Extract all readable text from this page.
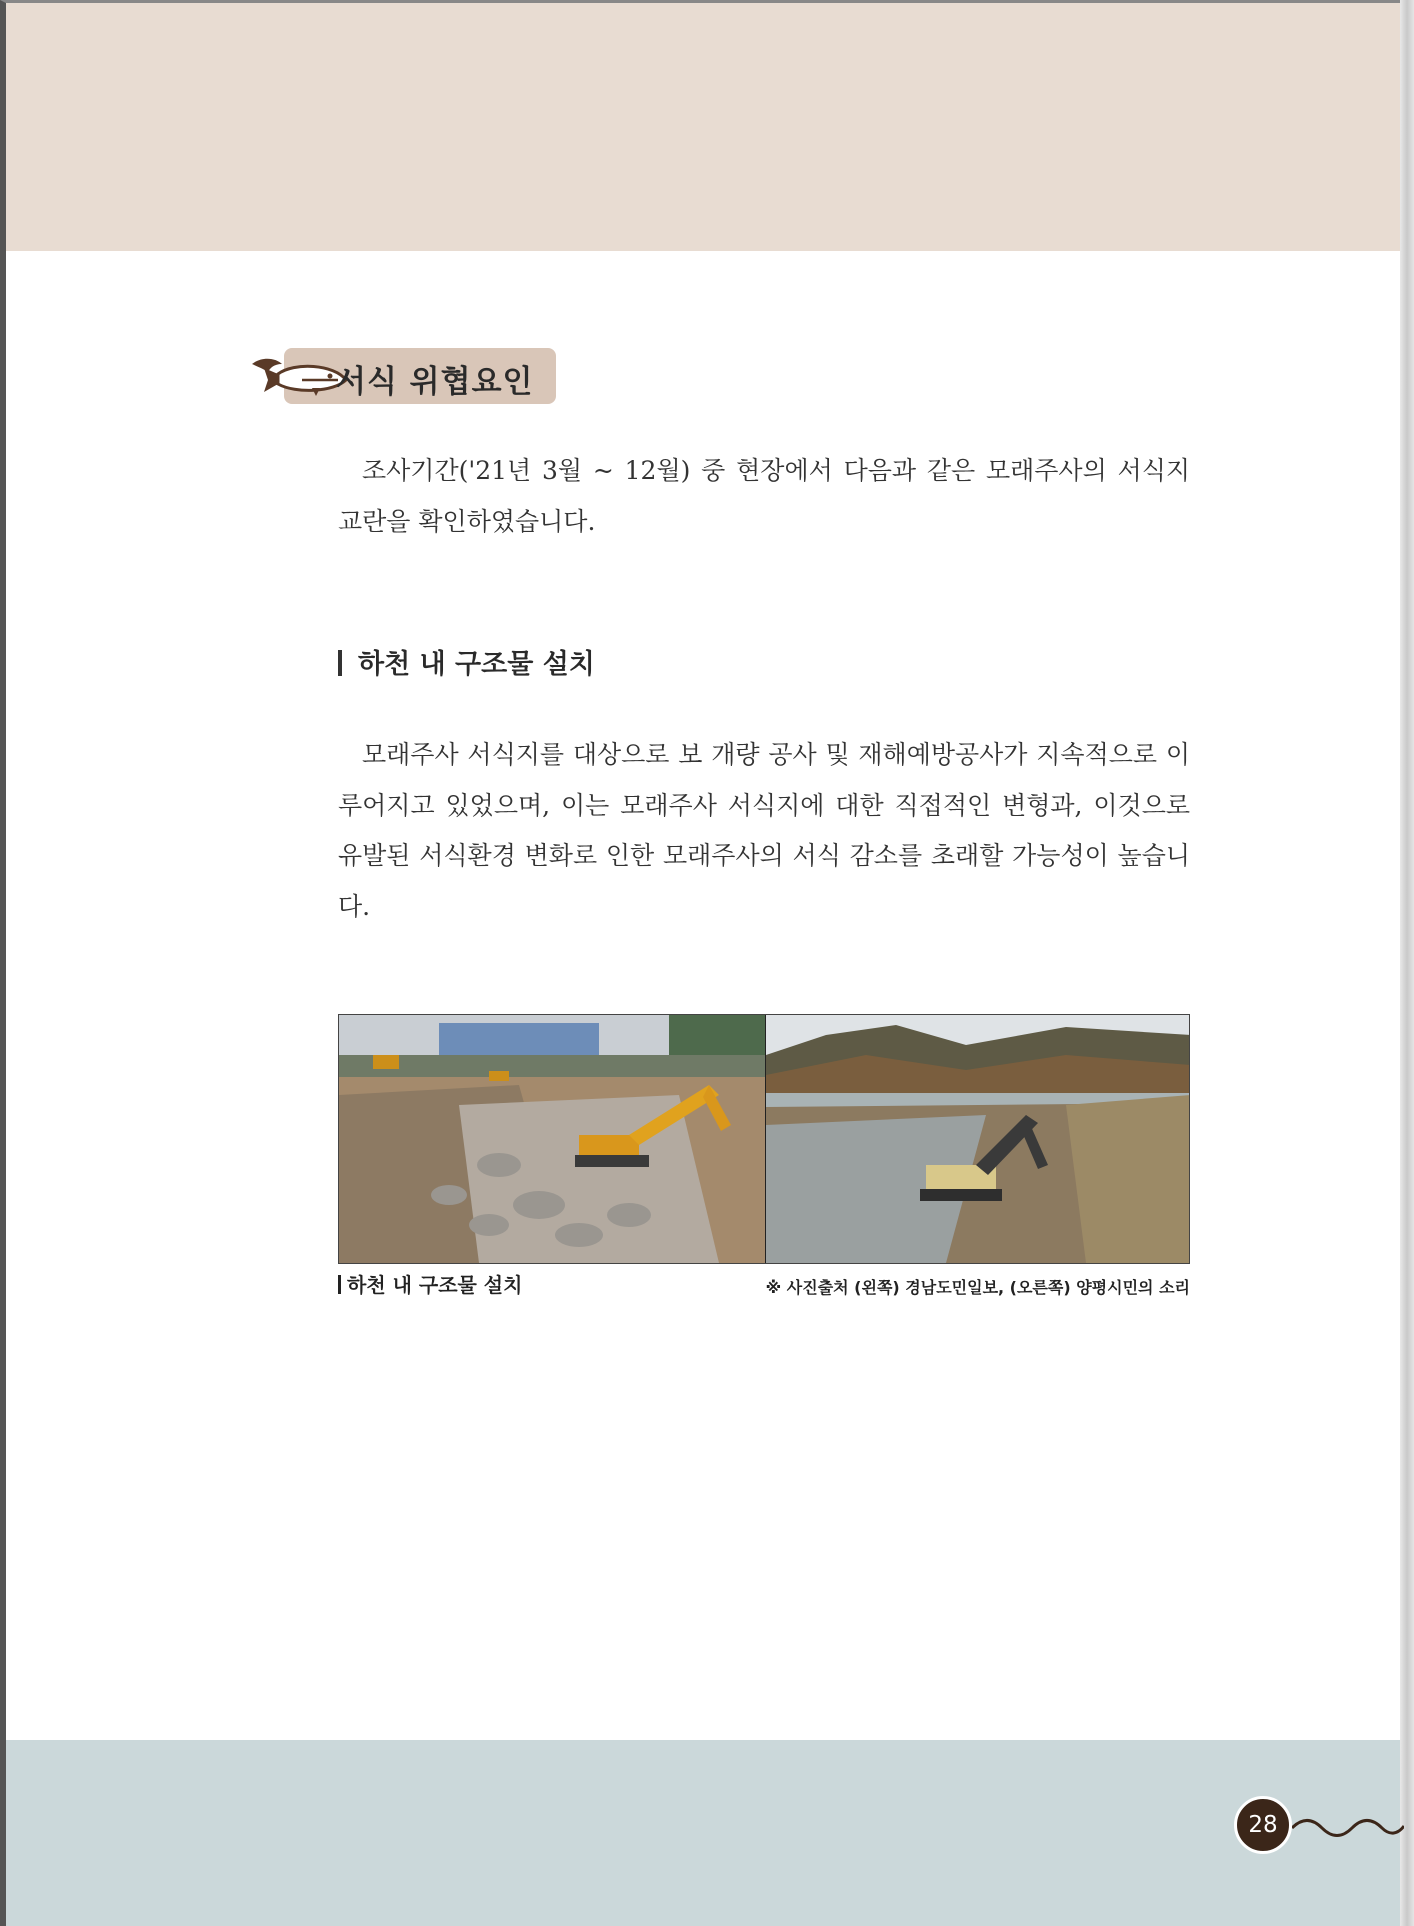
서식 위협요인

조사기간('21년 3월 ~ 12월) 중 현장에서 다음과 같은 모래주사의 서식지 교란을 확인하였습니다.

하천 내 구조물 설치

모래주사 서식지를 대상으로 보 개량 공사 및 재해예방공사가 지속적으로 이루어지고 있었으며, 이는 모래주사 서식지에 대한 직접적인 변형과, 이것으로 유발된 서식환경 변화로 인한 모래주사의 서식 감소를 초래할 가능성이 높습니다.

하천 내 구조물 설치	※ 사진출처 (왼쪽) 경남도민일보, (오른쪽) 양평시민의 소리
28
